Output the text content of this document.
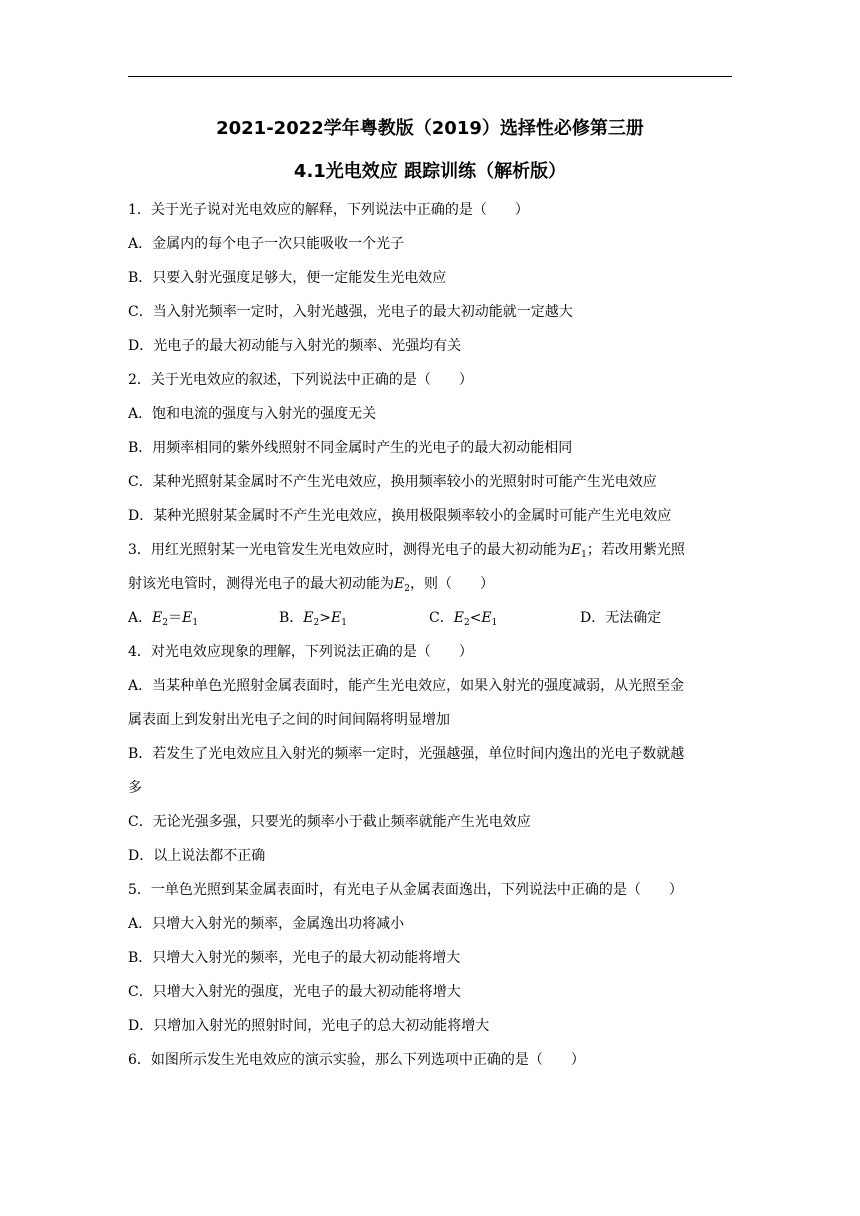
2021-2022学年粤教版（2019）选择性必修第三册
4.1光电效应 跟踪训练（解析版）
1．关于光子说对光电效应的解释，下列说法中正确的是（　　）
A．金属内的每个电子一次只能吸收一个光子
B．只要入射光强度足够大，便一定能发生光电效应
C．当入射光频率一定时，入射光越强，光电子的最大初动能就一定越大
D．光电子的最大初动能与入射光的频率、光强均有关
2．关于光电效应的叙述，下列说法中正确的是（　　）
A．饱和电流的强度与入射光的强度无关
B．用频率相同的紫外线照射不同金属时产生的光电子的最大初动能相同
C．某种光照射某金属时不产生光电效应，换用频率较小的光照射时可能产生光电效应
D．某种光照射某金属时不产生光电效应，换用极限频率较小的金属时可能产生光电效应
3．用红光照射某一光电管发生光电效应时，测得光电子的最大初动能为$E_1$；若改用紫光照
射该光电管时，测得光电子的最大初动能为$E_2$，则（　　）
A．$E_2=E_1$	B．$E_2>E_1$	C．$E_2<E_1$	D．无法确定
4．对光电效应现象的理解，下列说法正确的是（　　）
A．当某种单色光照射金属表面时，能产生光电效应，如果入射光的强度减弱，从光照至金
属表面上到发射出光电子之间的时间间隔将明显增加
B．若发生了光电效应且入射光的频率一定时，光强越强，单位时间内逸出的光电子数就越
多
C．无论光强多强，只要光的频率小于截止频率就能产生光电效应
D．以上说法都不正确
5．一单色光照到某金属表面时，有光电子从金属表面逸出，下列说法中正确的是（　　）
A．只增大入射光的频率，金属逸出功将减小
B．只增大入射光的频率，光电子的最大初动能将增大
C．只增大入射光的强度，光电子的最大初动能将增大
D．只增加入射光的照射时间，光电子的总大初动能将增大
6．如图所示发生光电效应的演示实验，那么下列选项中正确的是（　　）
